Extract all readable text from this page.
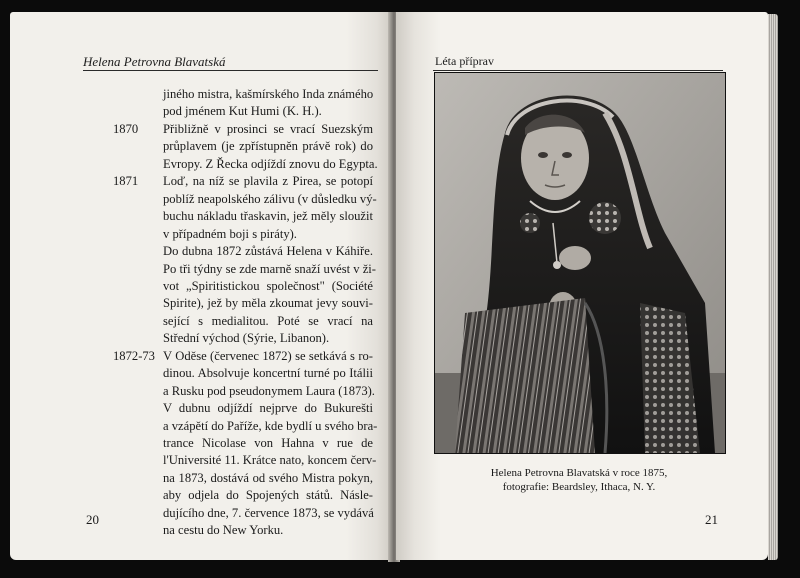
Helena Petrovna Blavatská
jiného mistra, kašmírského Inda známého
pod jménem Kut Humi (K. H.).
1870	Přibližně v prosinci se vrací Suezským
průplavem (je zpřístupněn právě rok) do
Evropy. Z Řecka odjíždí znovu do Egypta.
1871	Loď, na níž se plavila z Pirea, se potopí
poblíž neapolského zálivu (v důsledku vý-
buchu nákladu třaskavin, jež měly sloužit
v případném boji s piráty).
Do dubna 1872 zůstává Helena v Káhiře.
Po tři týdny se zde marně snaží uvést v ži-
vot „Spiritistickou společnost" (Société
Spirite), jež by měla zkoumat jevy souvi-
sející s medialitou. Poté se vrací na
Střední východ (Sýrie, Libanon).
1872-73 V Oděse (červenec 1872) se setkává s ro-
dinou. Absolvuje koncertní turné po Itálii
a Rusku pod pseudonymem Laura (1873).
V dubnu odjíždí nejprve do Bukurešti
a vzápětí do Paříže, kde bydlí u svého bra-
trance Nicolase von Hahna v rue de
l'Université 11. Krátce nato, koncem červ-
na 1873, dostává od svého Mistra pokyn,
aby odjela do Spojených států. Násle-
dujícího dne, 7. července 1873, se vydává
na cestu do New Yorku.
20
Léta příprav
Helena Petrovna Blavatská v roce 1875,
fotografie: Beardsley, Ithaca, N. Y.
21
